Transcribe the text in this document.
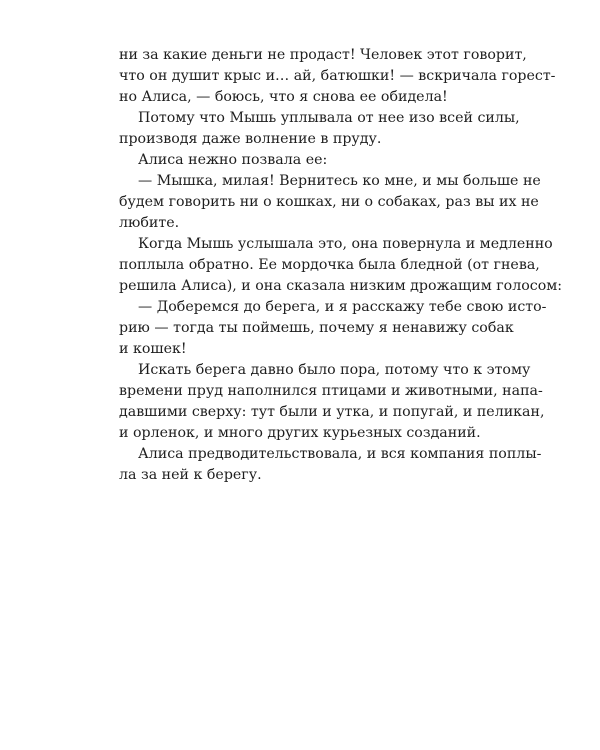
ни за какие деньги не продаст! Человек этот говорит,
что он душит крыс и… ай, батюшки! — вскричала горест-
но Алиса, — боюсь, что я снова ее обидела!
Потому что Мышь уплывала от нее изо всей силы,
производя даже волнение в пруду.
Алиса нежно позвала ее:
— Мышка, милая! Вернитесь ко мне, и мы больше не
будем говорить ни о кошках, ни о собаках, раз вы их не
любите.
Когда Мышь услышала это, она повернула и медленно
поплыла обратно. Ее мордочка была бледной (от гнева,
решила Алиса), и она сказала низким дрожащим голосом:
— Доберемся до берега, и я расскажу тебе свою исто-
рию — тогда ты поймешь, почему я ненавижу собак
и кошек!
Искать берега давно было пора, потому что к этому
времени пруд наполнился птицами и животными, напа-
давшими сверху: тут были и утка, и попугай, и пеликан,
и орленок, и много других курьезных созданий.
Алиса предводительствовала, и вся компания поплы-
ла за ней к берегу.
